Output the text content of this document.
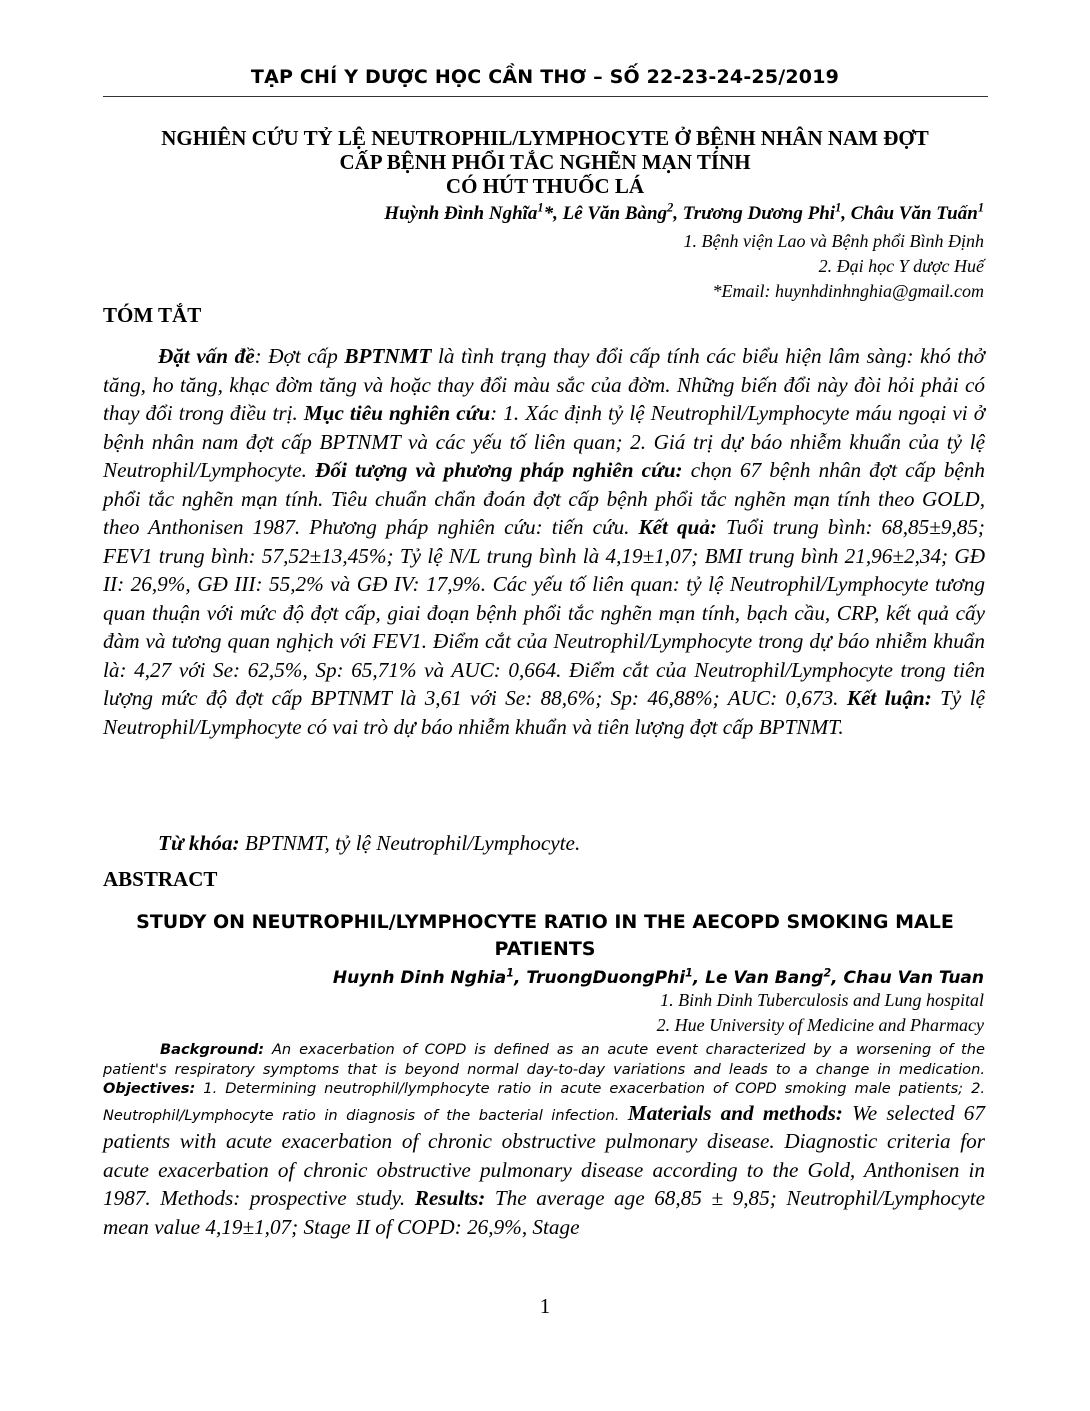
TẠP CHÍ Y DƯỢC HỌC CẦN THƠ – SỐ 22-23-24-25/2019
NGHIÊN CỨU TỶ LỆ NEUTROPHIL/LYMPHOCYTE Ở BỆNH NHÂN NAM ĐỢT
CẤP BỆNH PHỔI TẮC NGHẼN MẠN TÍNH
CÓ HÚT THUỐC LÁ
Huỳnh Đình Nghĩa$^1$*, Lê Văn Bàng$^2$, Trương Dương Phi$^1$, Châu Văn Tuấn$^1$
1. Bệnh viện Lao và Bệnh phổi Bình Định
2. Đại học Y dược Huế
*Email: huynhdinhnghia@gmail.com
TÓM TẮT

Đặt vấn đề: Đợt cấp BPTNMT là tình trạng thay đổi cấp tính các biểu hiện lâm sàng: khó thở tăng, ho tăng, khạc đờm tăng và hoặc thay đổi màu sắc của đờm. Những biến đổi này đòi hỏi phải có thay đổi trong điều trị. Mục tiêu nghiên cứu: 1. Xác định tỷ lệ Neutrophil/Lymphocyte máu ngoại vi ở bệnh nhân nam đợt cấp BPTNMT và các yếu tố liên quan; 2. Giá trị dự báo nhiễm khuẩn của tỷ lệ Neutrophil/Lymphocyte. Đối tượng và phương pháp nghiên cứu: chọn 67 bệnh nhân đợt cấp bệnh phổi tắc nghẽn mạn tính. Tiêu chuẩn chẩn đoán đợt cấp bệnh phổi tắc nghẽn mạn tính theo GOLD, theo Anthonisen 1987. Phương pháp nghiên cứu: tiến cứu. Kết quả: Tuổi trung bình: 68,85±9,85; FEV1 trung bình: 57,52±13,45%; Tỷ lệ N/L trung bình là 4,19±1,07; BMI trung bình 21,96±2,34; GĐ II: 26,9%, GĐ III: 55,2% và GĐ IV: 17,9%. Các yếu tố liên quan: tỷ lệ Neutrophil/Lymphocyte tương quan thuận với mức độ đợt cấp, giai đoạn bệnh phổi tắc nghẽn mạn tính, bạch cầu, CRP, kết quả cấy đàm và tương quan nghịch với FEV1. Điểm cắt của Neutrophil/Lymphocyte trong dự báo nhiễm khuẩn là: 4,27 với Se: 62,5%, Sp: 65,71% và AUC: 0,664. Điểm cắt của Neutrophil/Lymphocyte trong tiên lượng mức độ đợt cấp BPTNMT là 3,61 với Se: 88,6%; Sp: 46,88%; AUC: 0,673. Kết luận: Tỷ lệ Neutrophil/Lymphocyte có vai trò dự báo nhiễm khuẩn và tiên lượng đợt cấp BPTNMT.

Từ khóa: BPTNMT, tỷ lệ Neutrophil/Lymphocyte.
ABSTRACT
STUDY ON NEUTROPHIL/LYMPHOCYTE RATIO IN THE AECOPD SMOKING MALE
PATIENTS
Huynh Dinh Nghia$^1$, TruongDuongPhi$^1$, Le Van Bang$^2$, Chau Van Tuan
1. Binh Dinh Tuberculosis and Lung hospital
2. Hue University of Medicine and Pharmacy

Background: An exacerbation of COPD is defined as an acute event characterized by a worsening of the patient's respiratory symptoms that is beyond normal day-to-day variations and leads to a change in medication. Objectives: 1. Determining neutrophil/lymphocyte ratio in acute exacerbation of COPD smoking male patients; 2. Neutrophil/Lymphocyte ratio in diagnosis of the bacterial infection. Materials and methods: We selected 67 patients with acute exacerbation of chronic obstructive pulmonary disease. Diagnostic criteria for acute exacerbation of chronic obstructive pulmonary disease according to the Gold, Anthonisen in 1987. Methods: prospective study. Results: The average age 68,85 ± 9,85; Neutrophil/Lymphocyte mean value 4,19±1,07; Stage II of COPD: 26,9%, Stage

1
